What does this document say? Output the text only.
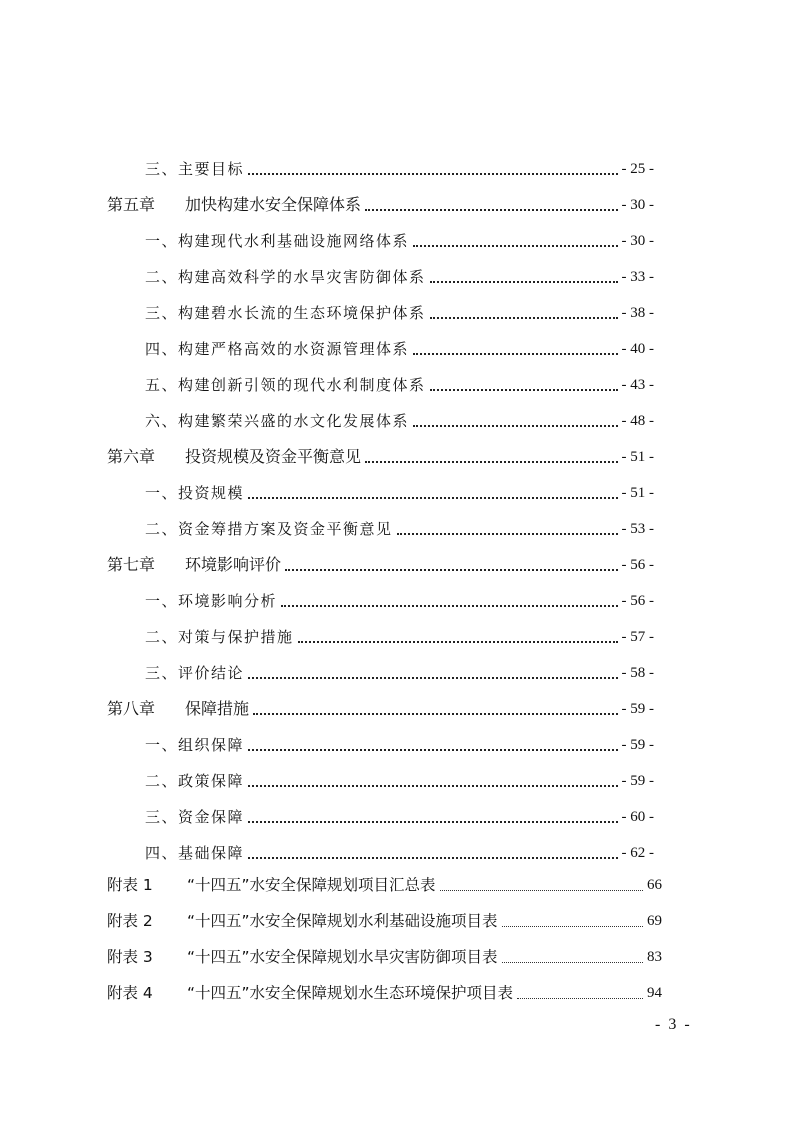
三、主要目标	- 25 -
第五章 加快构建水安全保障体系	- 30 -
一、构建现代水利基础设施网络体系	- 30 -
二、构建高效科学的水旱灾害防御体系	- 33 -
三、构建碧水长流的生态环境保护体系	- 38 -
四、构建严格高效的水资源管理体系	- 40 -
五、构建创新引领的现代水利制度体系	- 43 -
六、构建繁荣兴盛的水文化发展体系	- 48 -
第六章 投资规模及资金平衡意见	- 51 -
一、投资规模	- 51 -
二、资金筹措方案及资金平衡意见	- 53 -
第七章 环境影响评价	- 56 -
一、环境影响分析	- 56 -
二、对策与保护措施	- 57 -
三、评价结论	- 58 -
第八章 保障措施	- 59 -
一、组织保障	- 59 -
二、政策保障	- 59 -
三、资金保障	- 60 -
四、基础保障	- 62 -
附表 1 “十四五”水安全保障规划项目汇总表	66
附表 2 “十四五”水安全保障规划水利基础设施项目表	69
附表 3 “十四五”水安全保障规划水旱灾害防御项目表	83
附表 4 “十四五”水安全保障规划水生态环境保护项目表	94
- 3 -
